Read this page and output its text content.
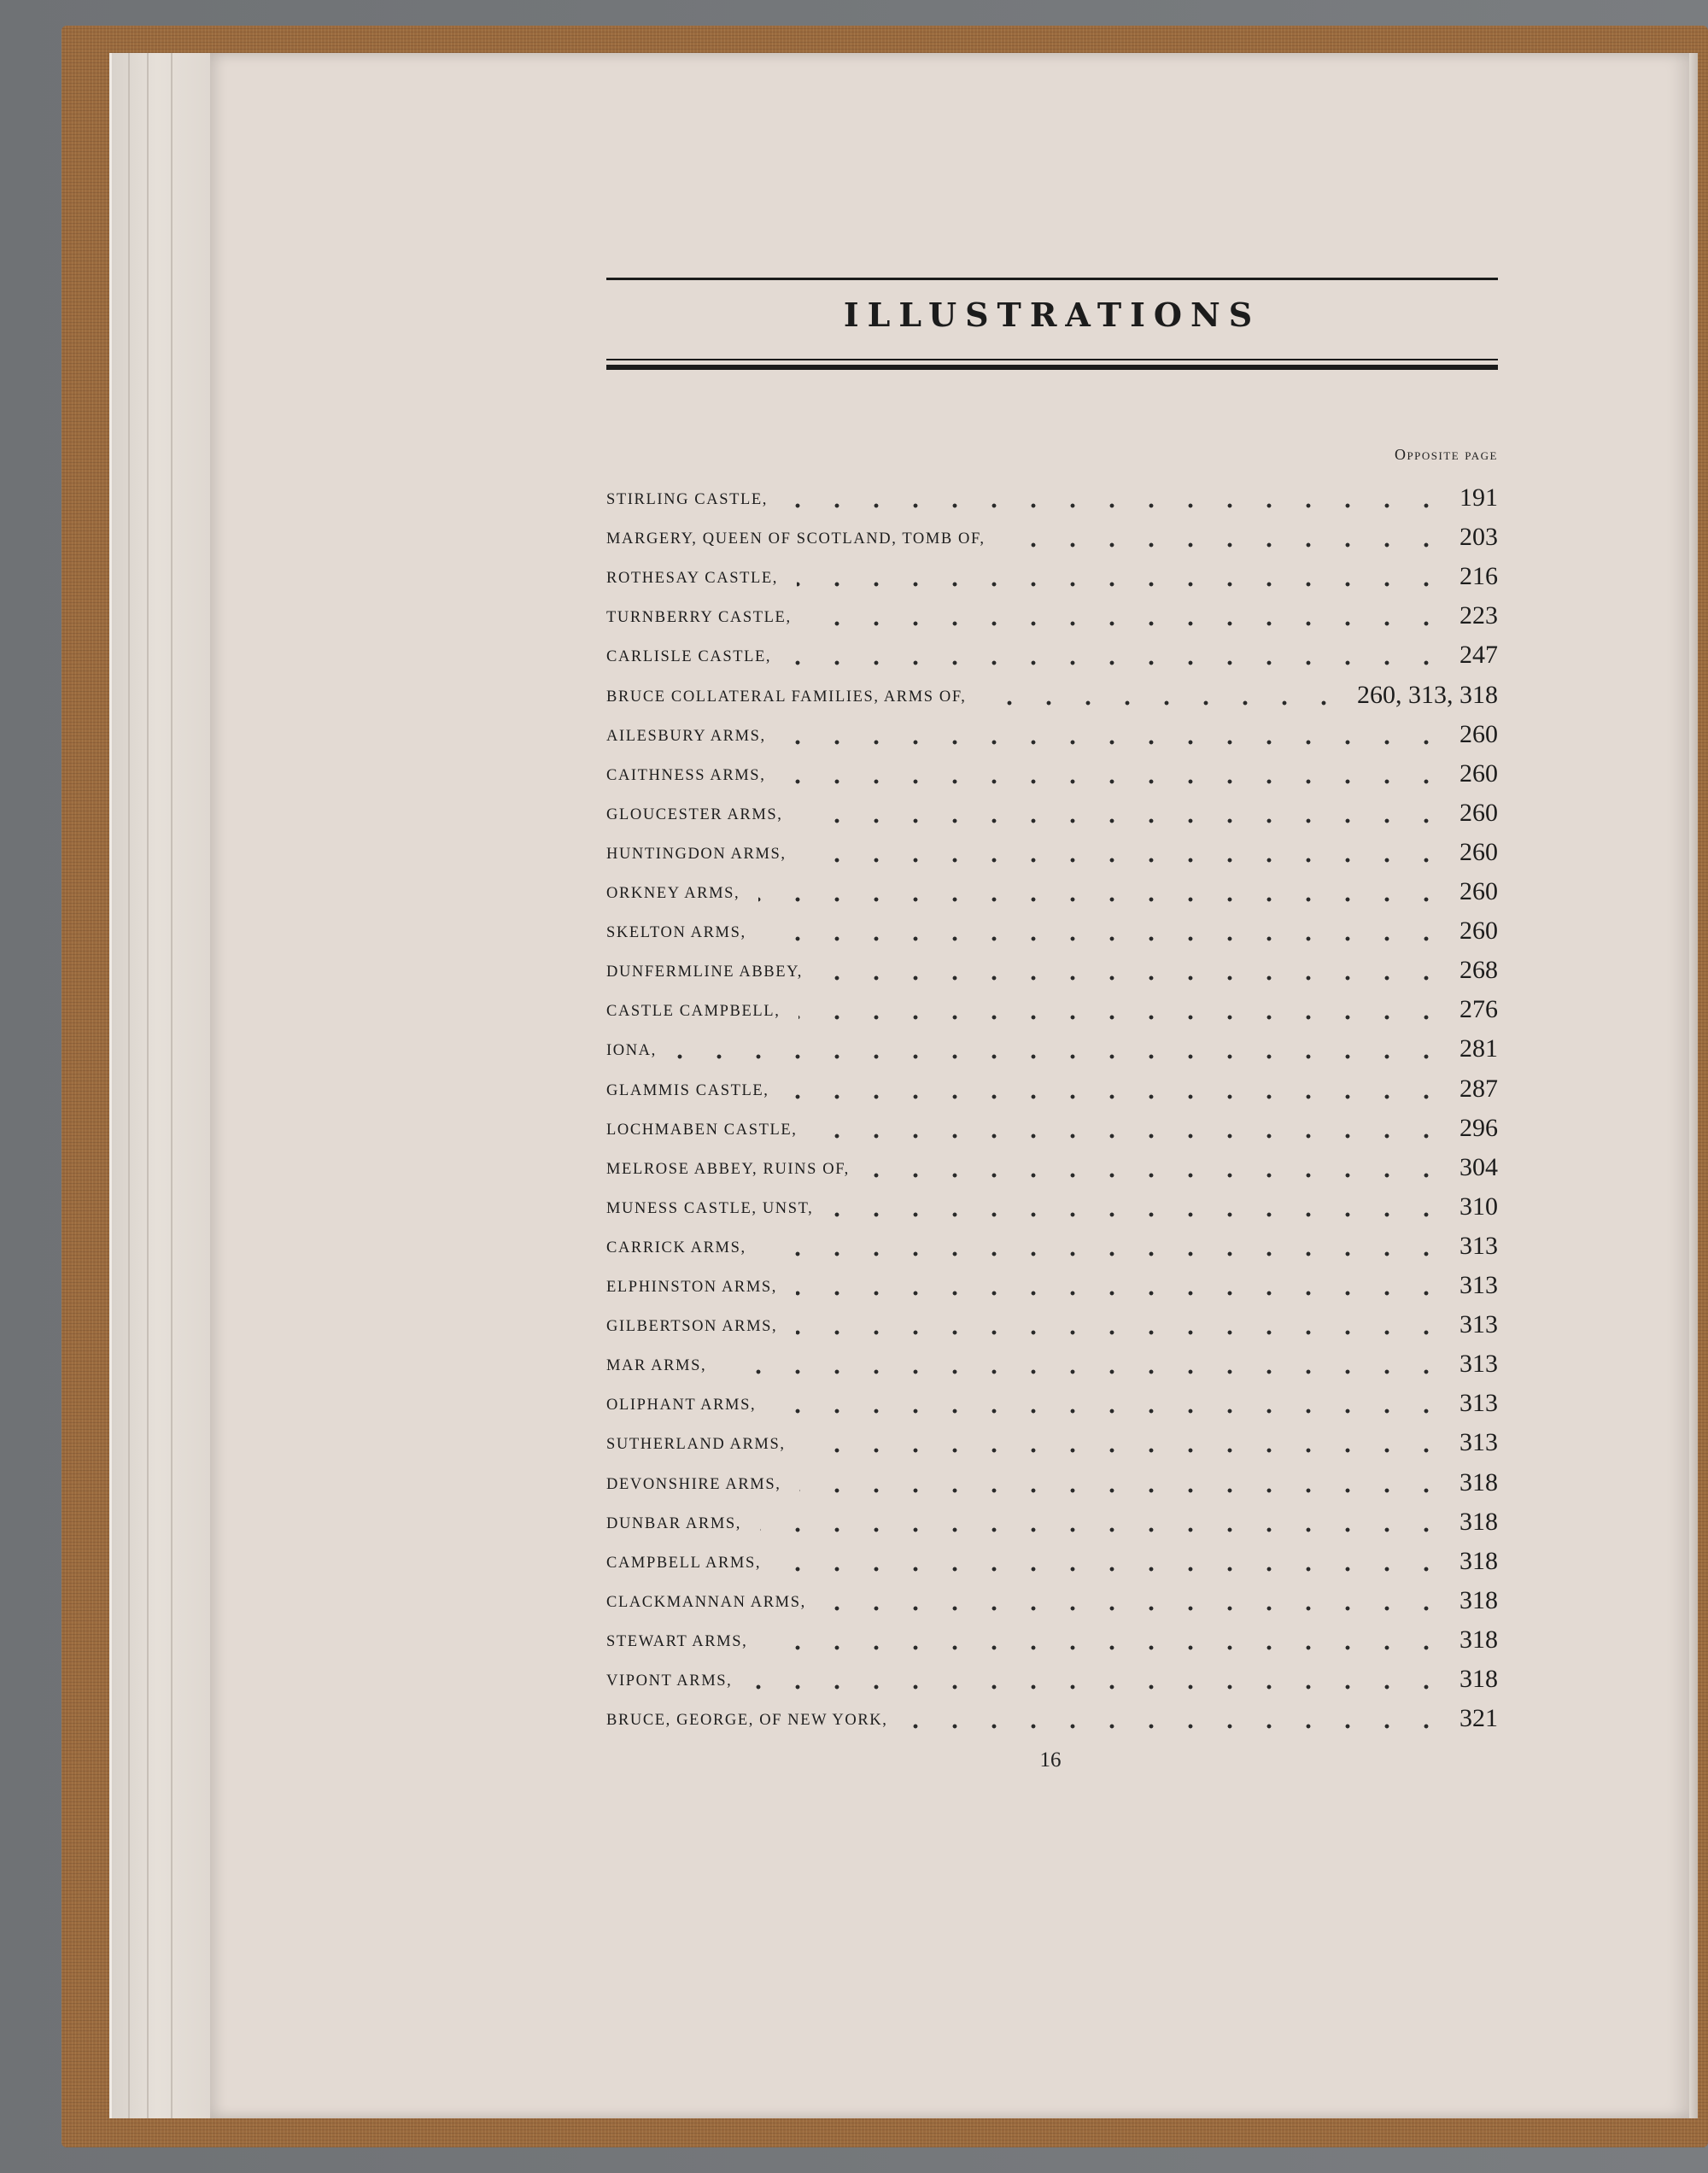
ILLUSTRATIONS
Opposite page
STIRLING CASTLE,	191
MARGERY, QUEEN OF SCOTLAND, TOMB OF,	203
ROTHESAY CASTLE,	216
TURNBERRY CASTLE,	223
CARLISLE CASTLE,	247
BRUCE COLLATERAL FAMILIES, ARMS OF,	260, 313, 318
AILESBURY ARMS,	260
CAITHNESS ARMS,	260
GLOUCESTER ARMS,	260
HUNTINGDON ARMS,	260
ORKNEY ARMS,	260
SKELTON ARMS,	260
DUNFERMLINE ABBEY,	268
CASTLE CAMPBELL,	276
IONA,	281
GLAMMIS CASTLE,	287
LOCHMABEN CASTLE,	296
MELROSE ABBEY, RUINS OF,	304
MUNESS CASTLE, UNST,	310
CARRICK ARMS,	313
ELPHINSTON ARMS,	313
GILBERTSON ARMS,	313
MAR ARMS,	313
OLIPHANT ARMS,	313
SUTHERLAND ARMS,	313
DEVONSHIRE ARMS,	318
DUNBAR ARMS,	318
CAMPBELL ARMS,	318
CLACKMANNAN ARMS,	318
STEWART ARMS,	318
VIPONT ARMS,	318
BRUCE, GEORGE, OF NEW YORK,	321
16
